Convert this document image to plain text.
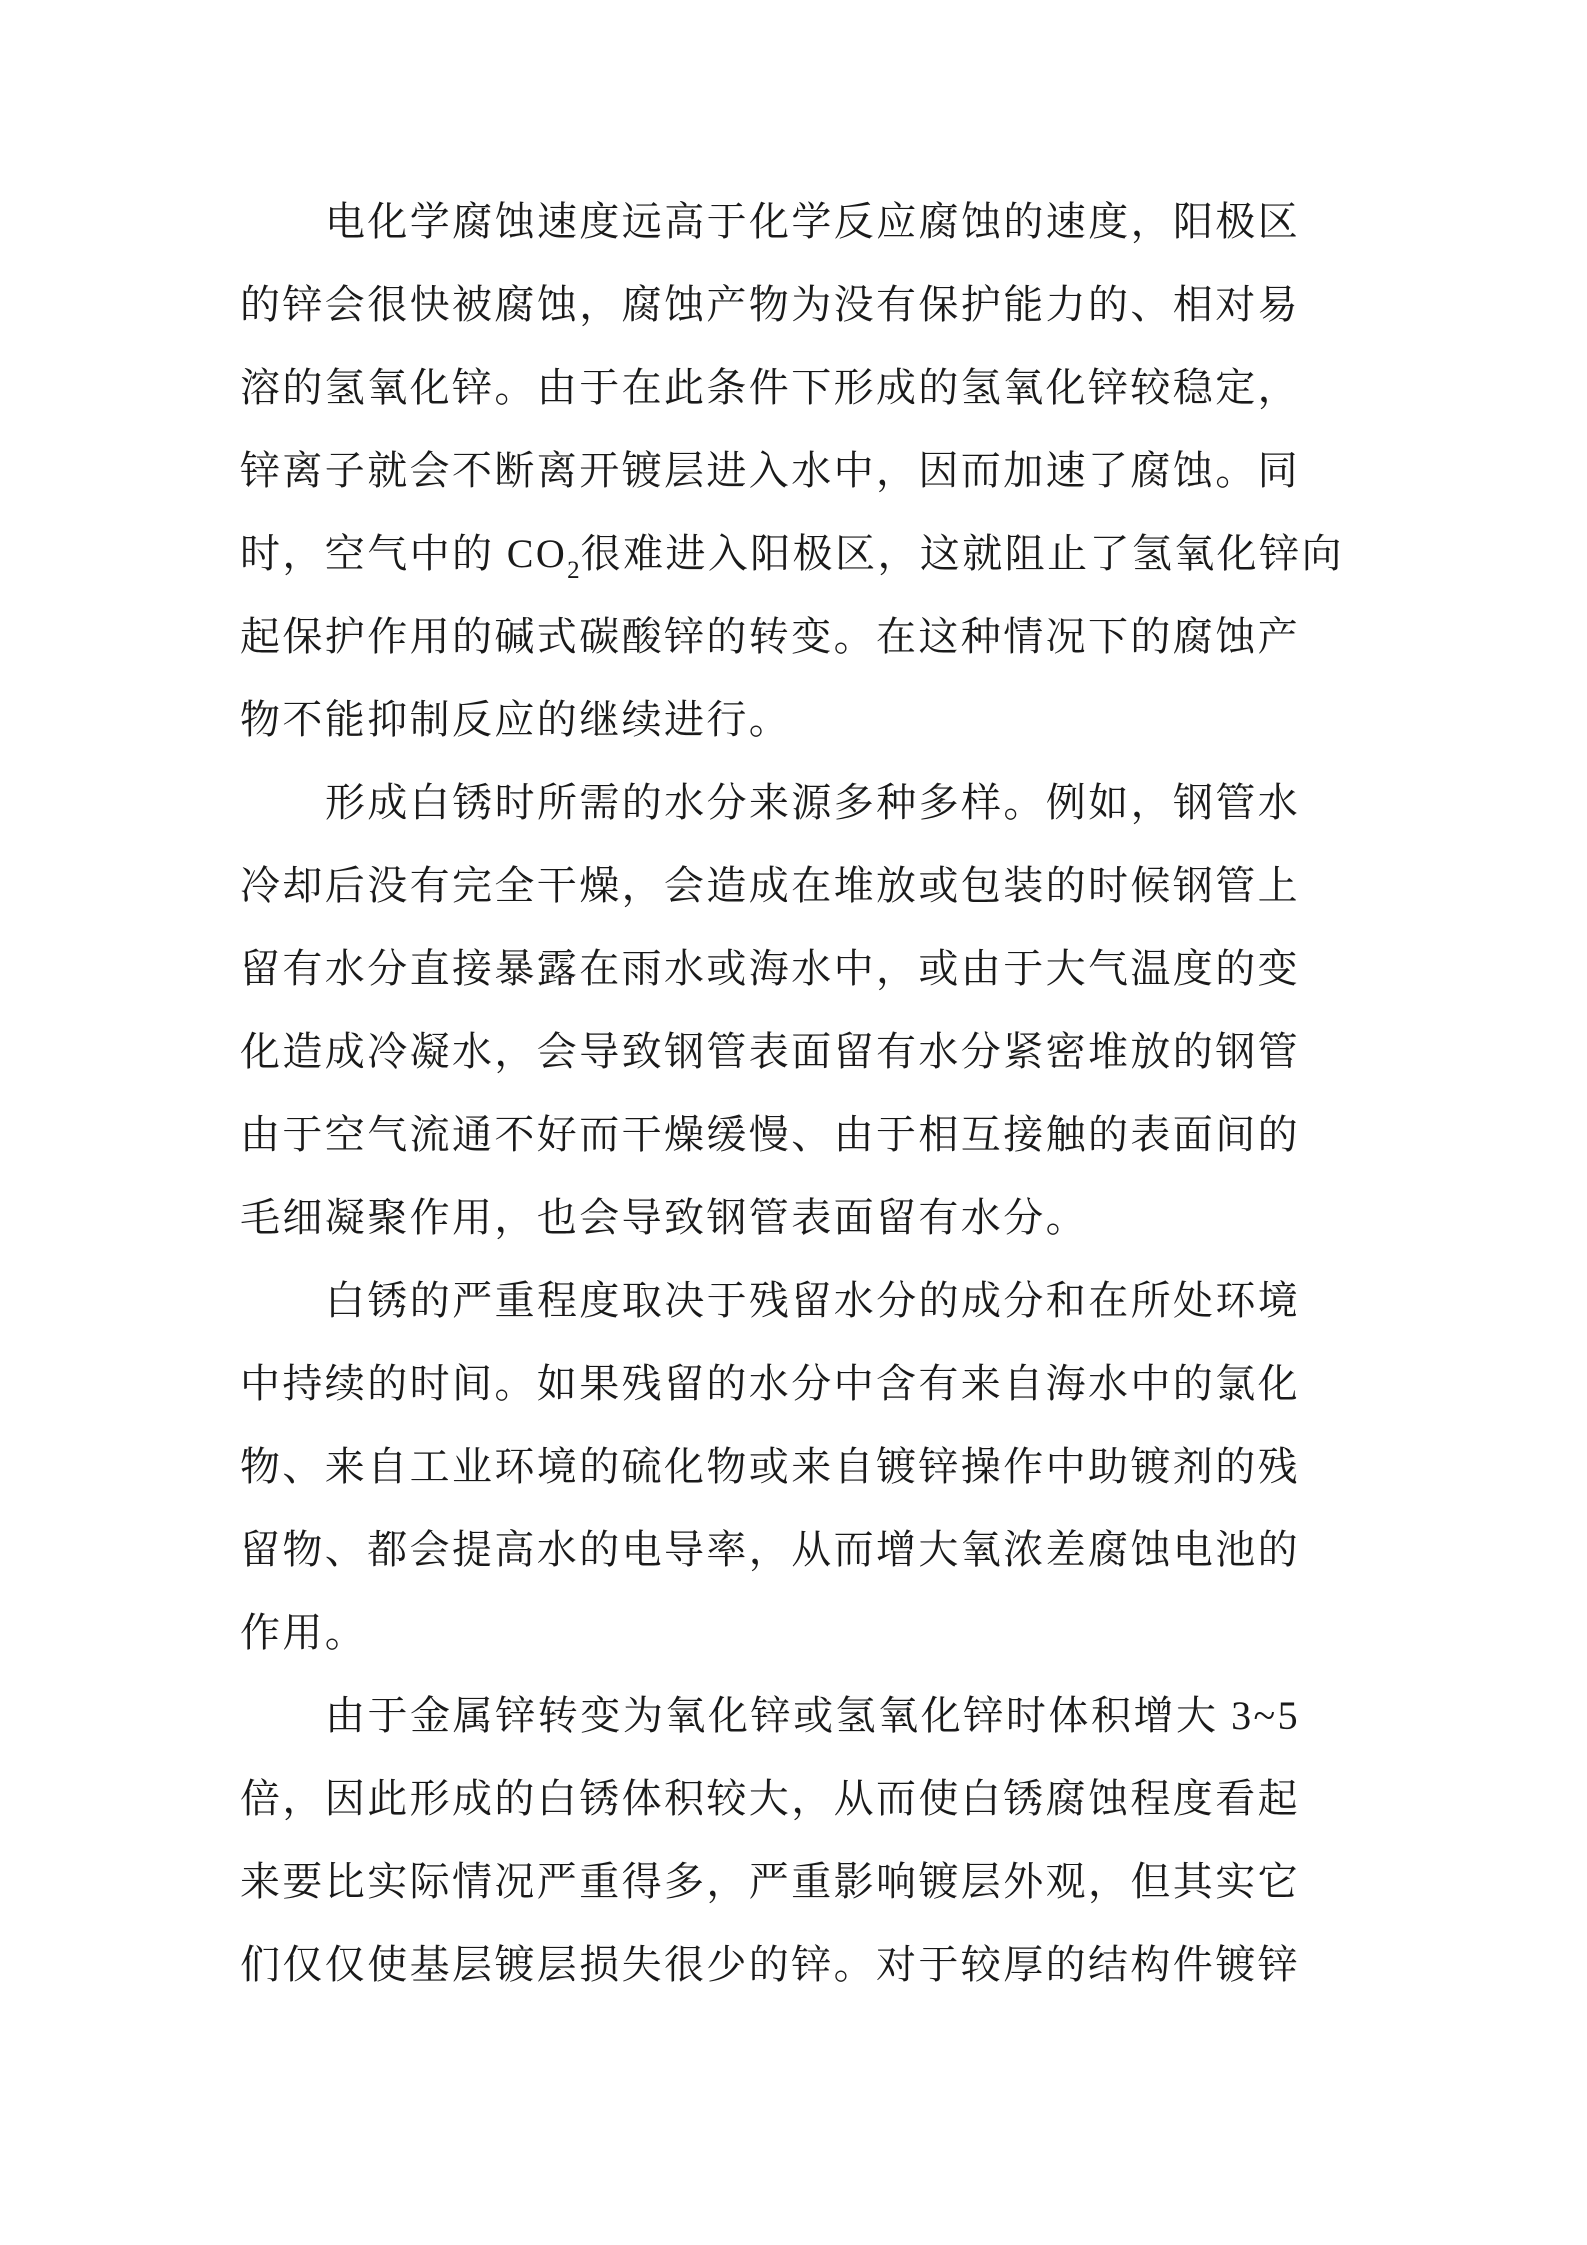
电化学腐蚀速度远高于化学反应腐蚀的速度，阳极区
的锌会很快被腐蚀，腐蚀产物为没有保护能力的、相对易
溶的氢氧化锌。由于在此条件下形成的氢氧化锌较稳定，
锌离子就会不断离开镀层进入水中，因而加速了腐蚀。同
时，空气中的 $CO_2$很难进入阳极区，这就阻止了氢氧化锌向
起保护作用的碱式碳酸锌的转变。在这种情况下的腐蚀产
物不能抑制反应的继续进行。
形成白锈时所需的水分来源多种多样。例如，钢管水
冷却后没有完全干燥，会造成在堆放或包装的时候钢管上
留有水分直接暴露在雨水或海水中，或由于大气温度的变
化造成冷凝水，会导致钢管表面留有水分紧密堆放的钢管
由于空气流通不好而干燥缓慢、由于相互接触的表面间的
毛细凝聚作用，也会导致钢管表面留有水分。
白锈的严重程度取决于残留水分的成分和在所处环境
中持续的时间。如果残留的水分中含有来自海水中的氯化
物、来自工业环境的硫化物或来自镀锌操作中助镀剂的残
留物、都会提高水的电导率，从而增大氧浓差腐蚀电池的
作用。
由于金属锌转变为氧化锌或氢氧化锌时体积增大 3~5
倍，因此形成的白锈体积较大，从而使白锈腐蚀程度看起
来要比实际情况严重得多，严重影响镀层外观，但其实它
们仅仅使基层镀层损失很少的锌。对于较厚的结构件镀锌
